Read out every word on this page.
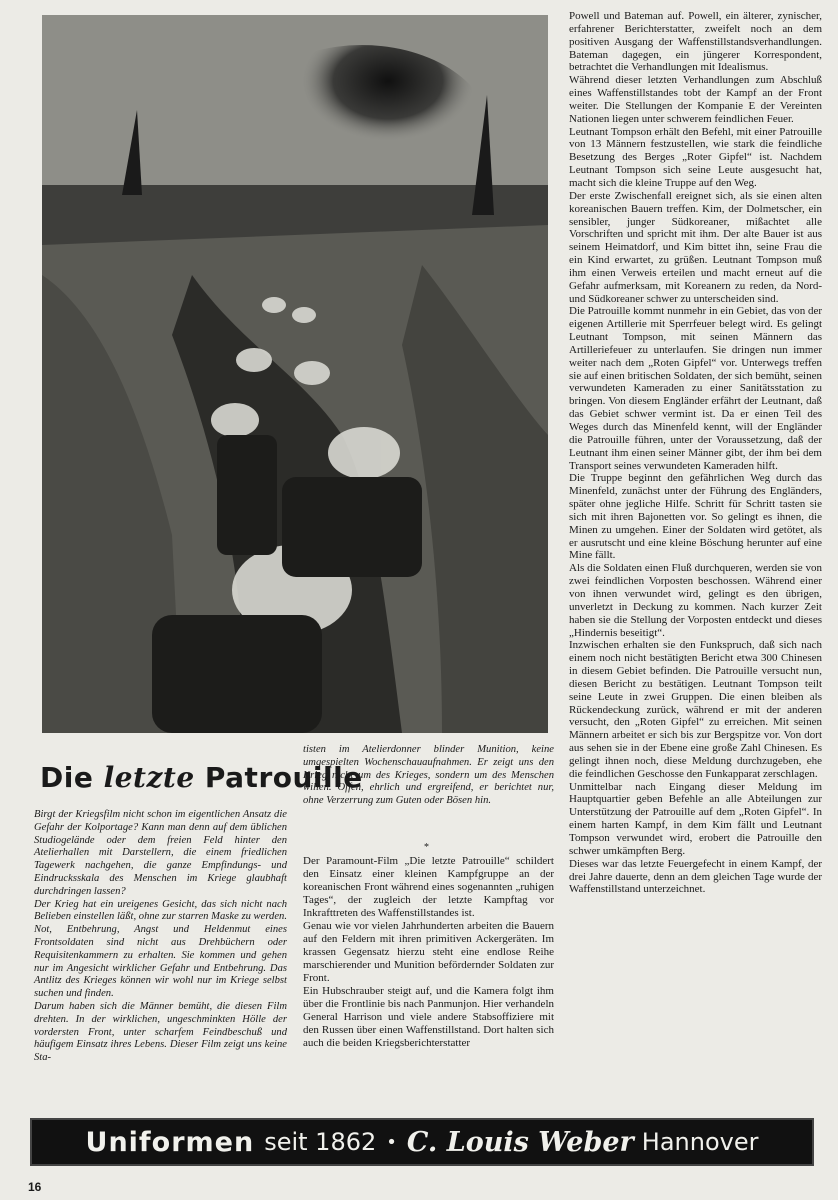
Die letzte Patrouille

Birgt der Kriegsfilm nicht schon im eigentlichen Ansatz die Gefahr der Kolportage? Kann man denn auf dem üblichen Studiogelände oder dem freien Feld hinter den Atelierhallen mit Darstellern, die einem friedlichen Tagewerk nachgehen, die ganze Empfindungs- und Eindrucksskala des Menschen im Kriege glaubhaft durchdringen lassen?

Der Krieg hat ein ureigenes Gesicht, das sich nicht nach Belieben einstellen läßt, ohne zur starren Maske zu werden. Not, Entbehrung, Angst und Heldenmut eines Frontsoldaten sind nicht aus Drehbüchern oder Requisitenkammern zu erhalten. Sie kommen und gehen nur im Angesicht wirklicher Gefahr und Entbehrung. Das Antlitz des Krieges können wir wohl nur im Kriege selbst suchen und finden.

Darum haben sich die Männer bemüht, die diesen Film drehten. In der wirklichen, ungeschminkten Hölle der vordersten Front, unter scharfem Feindbeschuß und häufigem Einsatz ihres Lebens. Dieser Film zeigt uns keine Sta-

tisten im Atelierdonner blinder Munition, keine umgespielten Wochenschauaufnahmen. Er zeigt uns den Krieg nicht um des Krieges, sondern um des Menschen willen. Offen, ehrlich und ergreifend, er berichtet nur, ohne Verzerrung zum Guten oder Bösen hin.

*

Der Paramount-Film „Die letzte Patrouille“ schildert den Einsatz einer kleinen Kampfgruppe an der koreanischen Front während eines sogenannten „ruhigen Tages“, der zugleich der letzte Kampftag vor Inkrafttreten des Waffenstillstandes ist.

Genau wie vor vielen Jahrhunderten arbeiten die Bauern auf den Feldern mit ihren primitiven Ackergeräten. Im krassen Gegensatz hierzu steht eine endlose Reihe marschierender und Munition befördernder Soldaten zur Front.

Ein Hubschrauber steigt auf, und die Kamera folgt ihm über die Frontlinie bis nach Panmunjon. Hier verhandeln General Harrison und viele andere Stabsoffiziere mit den Russen über einen Waffenstillstand. Dort halten sich auch die beiden Kriegsberichterstatter

Powell und Bateman auf. Powell, ein älterer, zynischer, erfahrener Berichterstatter, zweifelt noch an dem positiven Ausgang der Waffenstillstandsverhandlungen. Bateman dagegen, ein jüngerer Korrespondent, betrachtet die Verhandlungen mit Idealismus.

Während dieser letzten Verhandlungen zum Abschluß eines Waffenstillstandes tobt der Kampf an der Front weiter. Die Stellungen der Kompanie E der Vereinten Nationen liegen unter schwerem feindlichen Feuer.

Leutnant Tompson erhält den Befehl, mit einer Patrouille von 13 Männern festzustellen, wie stark die feindliche Besetzung des Berges „Roter Gipfel“ ist. Nachdem Leutnant Tompson sich seine Leute ausgesucht hat, macht sich die kleine Truppe auf den Weg.

Der erste Zwischenfall ereignet sich, als sie einen alten koreanischen Bauern treffen. Kim, der Dolmetscher, ein sensibler, junger Südkoreaner, mißachtet alle Vorschriften und spricht mit ihm. Der alte Bauer ist aus seinem Heimatdorf, und Kim bittet ihn, seine Frau die ein Kind erwartet, zu grüßen. Leutnant Tompson muß ihm einen Verweis erteilen und macht erneut auf die Gefahr aufmerksam, mit Koreanern zu reden, da Nord- und Südkoreaner schwer zu unterscheiden sind.

Die Patrouille kommt nunmehr in ein Gebiet, das von der eigenen Artillerie mit Sperrfeuer belegt wird. Es gelingt Leutnant Tompson, mit seinen Männern das Artilleriefeuer zu unterlaufen. Sie dringen nun immer weiter nach dem „Roten Gipfel“ vor. Unterwegs treffen sie auf einen britischen Soldaten, der sich bemüht, seinen verwundeten Kameraden zu einer Sanitätsstation zu bringen. Von diesem Engländer erfährt der Leutnant, daß das Gebiet schwer vermint ist. Da er einen Teil des Weges durch das Minenfeld kennt, will der Engländer die Patrouille führen, unter der Voraussetzung, daß der Leutnant ihm einen seiner Männer gibt, der ihm bei dem Transport seines verwundeten Kameraden hilft.

Die Truppe beginnt den gefährlichen Weg durch das Minenfeld, zunächst unter der Führung des Engländers, später ohne jegliche Hilfe. Schritt für Schritt tasten sie sich mit ihren Bajonetten vor. So gelingt es ihnen, die Minen zu umgehen. Einer der Soldaten wird getötet, als er ausrutscht und eine kleine Böschung herunter auf eine Mine fällt.

Als die Soldaten einen Fluß durchqueren, werden sie von zwei feindlichen Vorposten beschossen. Während einer von ihnen verwundet wird, gelingt es den übrigen, unverletzt in Deckung zu kommen. Nach kurzer Zeit haben sie die Stellung der Vorposten entdeckt und dieses „Hindernis beseitigt“.

Inzwischen erhalten sie den Funkspruch, daß sich nach einem noch nicht bestätigten Bericht etwa 300 Chinesen in diesem Gebiet befinden. Die Patrouille versucht nun, diesen Bericht zu bestätigen. Leutnant Tompson teilt seine Leute in zwei Gruppen. Die einen bleiben als Rückendeckung zurück, während er mit der anderen versucht, den „Roten Gipfel“ zu erreichen. Mit seinen Männern arbeitet er sich bis zur Bergspitze vor. Von dort aus sehen sie in der Ebene eine große Zahl Chinesen. Es gelingt ihnen noch, diese Meldung durchzugeben, ehe die feindlichen Geschosse den Funkapparat zerschlagen.

Unmittelbar nach Eingang dieser Meldung im Hauptquartier geben Befehle an alle Abteilungen zur Unterstützung der Patrouille auf dem „Roten Gipfel“. In einem harten Kampf, in dem Kim fällt und Leutnant Tompson verwundet wird, erobert die Patrouille den schwer umkämpften Berg.

Dieses war das letzte Feuergefecht in einem Kampf, der drei Jahre dauerte, denn an dem gleichen Tage wurde der Waffenstillstand unterzeichnet.

Uniformen seit 1862 • C. Louis Weber Hannover
16
